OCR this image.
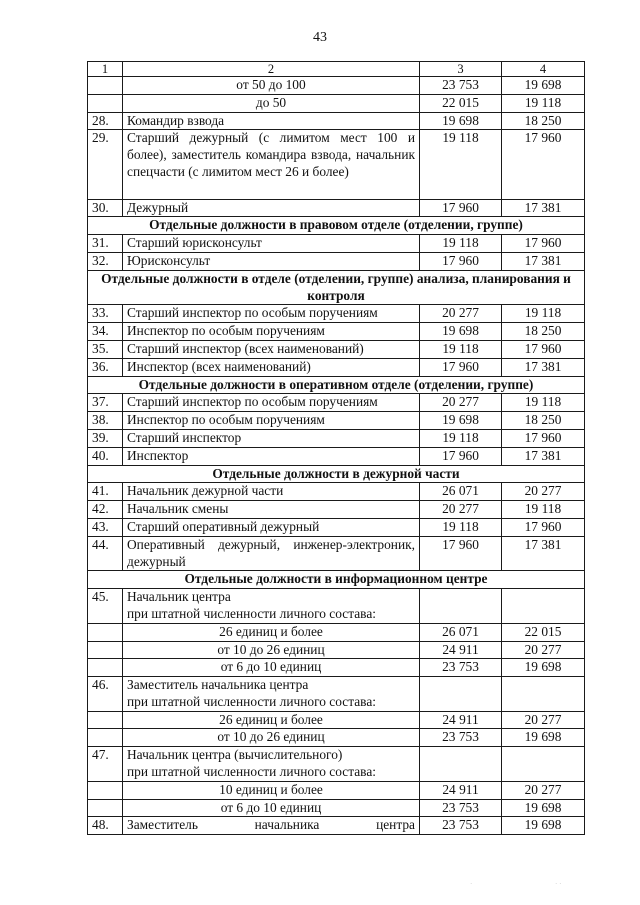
43
1	2	3	4
	от 50 до 100	23 753	19 698
	до 50	22 015	19 118
28.	Командир взвода	19 698	18 250
29.	Старший дежурный (с лимитом мест 100 и более), заместитель командира взвода, начальник спецчасти (с лимитом мест 26 и более)	19 118	17 960
30.	Дежурный	17 960	17 381
Отдельные должности в правовом отделе (отделении, группе)			
31.	Старший юрисконсульт	19 118	17 960
32.	Юрисконсульт	17 960	17 381
Отдельные должности в отделе (отделении, группе) анализа, планирования и контроля			
33.	Старший инспектор по особым поручениям	20 277	19 118
34.	Инспектор по особым поручениям	19 698	18 250
35.	Старший инспектор (всех наименований)	19 118	17 960
36.	Инспектор (всех наименований)	17 960	17 381
Отдельные должности в оперативном отделе (отделении, группе)			
37.	Старший инспектор по особым поручениям	20 277	19 118
38.	Инспектор по особым поручениям	19 698	18 250
39.	Старший инспектор	19 118	17 960
40.	Инспектор	17 960	17 381
Отдельные должности в дежурной части			
41.	Начальник дежурной части	26 071	20 277
42.	Начальник смены	20 277	19 118
43.	Старший оперативный дежурный	19 118	17 960
44.	Оперативный дежурный, инженер-электроник, дежурный	17 960	17 381
Отдельные должности в информационном центре			
45.	Начальник центра
при штатной численности личного состава:		
	26 единиц и более	26 071	22 015
	от 10 до 26 единиц	24 911	20 277
	от 6 до 10 единиц	23 753	19 698
46.	Заместитель начальника центра
при штатной численности личного состава:		
	26 единиц и более	24 911	20 277
	от 10 до 26 единиц	23 753	19 698
47.	Начальник центра (вычислительного)
при штатной численности личного состава:		
	10 единиц и более	24 911	20 277
	от 6 до 10 единиц	23 753	19 698
48.	Заместитель начальника центра	23 753	19 698
·	· ·
